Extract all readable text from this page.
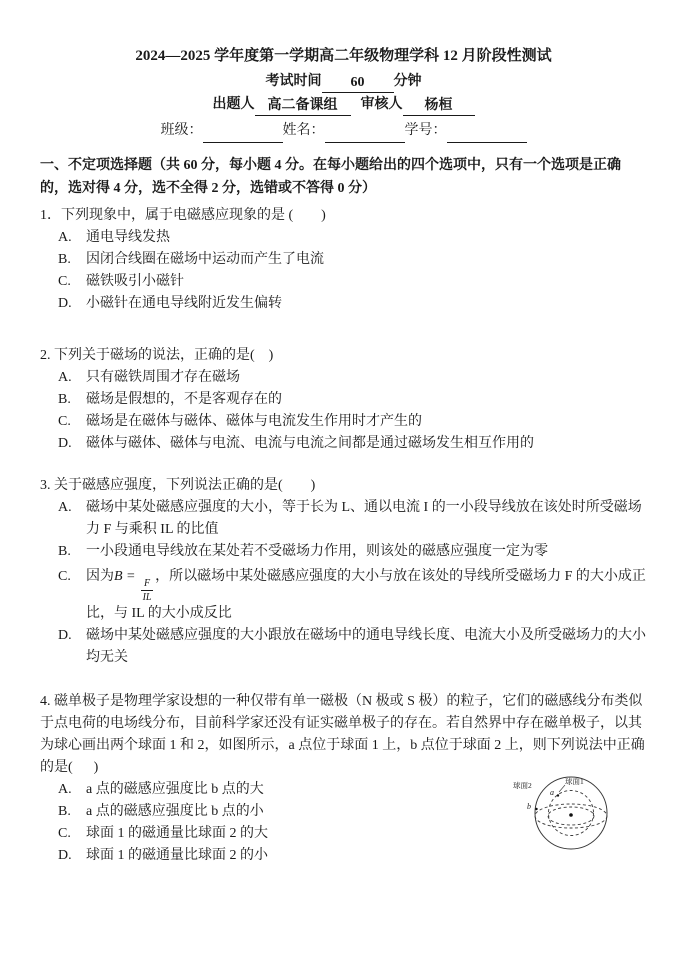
2024—2025 学年度第一学期高二年级物理学科 12 月阶段性测试
考试时间 60 分钟
出题人 高二备课组 审核人 杨桓
班级：	姓名：	学号：
一、不定项选择题（共 60 分，每小题 4 分。在每小题给出的四个选项中，只有一个选项是正确的，选对得 4 分，选不全得 2 分，选错或不答得 0 分）
1．下列现象中，属于电磁感应现象的是 (        )
A.	通电导线发热
B.	因闭合线圈在磁场中运动而产生了电流
C.	磁铁吸引小磁针
D.	小磁针在通电导线附近发生偏转
2. 下列关于磁场的说法，正确的是(    )
A.	只有磁铁周围才存在磁场
B.	磁场是假想的，不是客观存在的
C.	磁场是在磁体与磁体、磁体与电流发生作用时才产生的
D.	磁体与磁体、磁体与电流、电流与电流之间都是通过磁场发生相互作用的
3. 关于磁感应强度，下列说法正确的是(        )
A.	磁场中某处磁感应强度的大小，等于长为 L、通以电流 I 的一小段导线放在该处时所受磁场力 F 与乘积 IL 的比值
B.	一小段通电导线放在某处若不受磁场力作用，则该处的磁感应强度一定为零
C.	因为B =
$\frac{F}{IL}$
，所以磁场中某处磁感应强度的大小与放在该处的导线所受磁场力 F 的大小成正比，与 IL 的大小成反比
D.	磁场中某处磁感应强度的大小跟放在磁场中的通电导线长度、电流大小及所受磁场力的大小均无关
4. 磁单极子是物理学家设想的一种仅带有单一磁极（N 极或 S 极）的粒子，它们的磁感线分布类似于点电荷的电场线分布，目前科学家还没有证实磁单极子的存在。若自然界中存在磁单极子，以其为球心画出两个球面 1 和 2，如图所示，a 点位于球面 1 上，b 点位于球面 2 上，则下列说法中正确的是(      )
A.	a 点的磁感应强度比 b 点的大
B.	a 点的磁感应强度比 b 点的小
C.	球面 1 的磁通量比球面 2 的大
D.	球面 1 的磁通量比球面 2 的小
a
b
球面2	球面1
